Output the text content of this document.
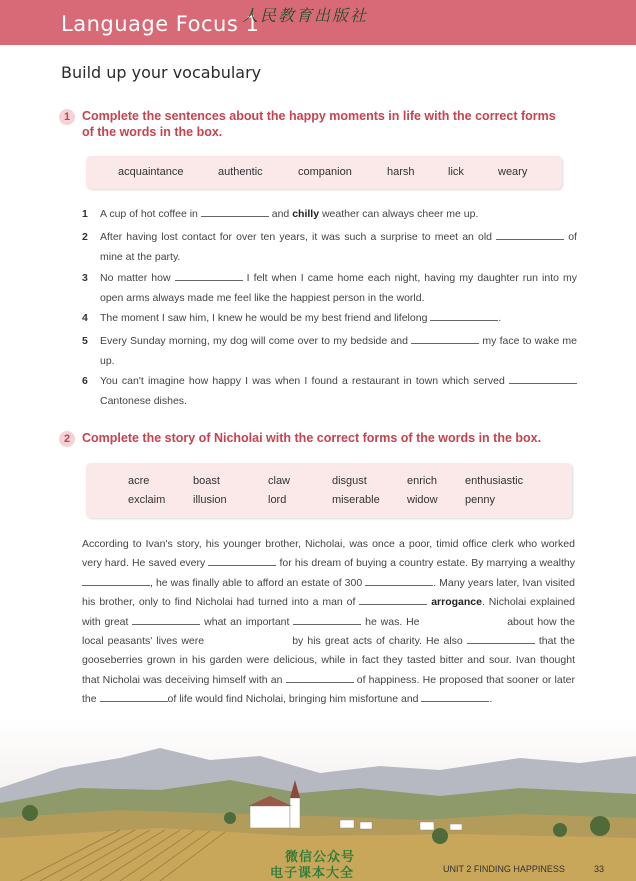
Language Focus 1
人民教育出版社
Build up your vocabulary
1 Complete the sentences about the happy moments in life with the correct forms
of the words in the box.
acquaintance	authentic	companion	harsh	lick	weary
1 A cup of hot coffee in	and chilly weather can always cheer me up.
2 After having lost contact for over ten years, it was such a surprise to meet an old	of mine at the party.
3 No matter how	I felt when I came home each night, having my daughter run into my open arms always made me feel like the happiest person in the world.
4 The moment I saw him, I knew he would be my best friend and lifelong	.
5 Every Sunday morning, my dog will come over to my bedside and	my face to wake me up.
6 You can't imagine how happy I was when I found a restaurant in town which served  Cantonese dishes.
2 Complete the story of Nicholai with the correct forms of the words in the box.
acre	boast	claw	disgust	enrich	enthusiastic
exclaim	illusion	lord	miserable widow penny
According to Ivan's story, his younger brother, Nicholai, was once a poor, timid office clerk who worked very hard. He saved every	for his dream of buying a country estate. By marrying a wealthy , he was finally able to afford an estate of 300	. Many years later, Ivan visited his brother, only to find Nicholai had turned into a man of	arrogance. Nicholai explained with great	what an important	he was. He	about how the local peasants' lives were	by his great acts of charity. He also	that the gooseberries grown in his garden were delicious, while in fact they tasted bitter and sour. Ivan thought that Nicholai was deceiving himself with an	of happiness. He proposed that sooner or later the	of life would find Nicholai, bringing him misfortune and	.
微信公众号
电子课本大全	UNIT 2 FINDING HAPPINESS	33
